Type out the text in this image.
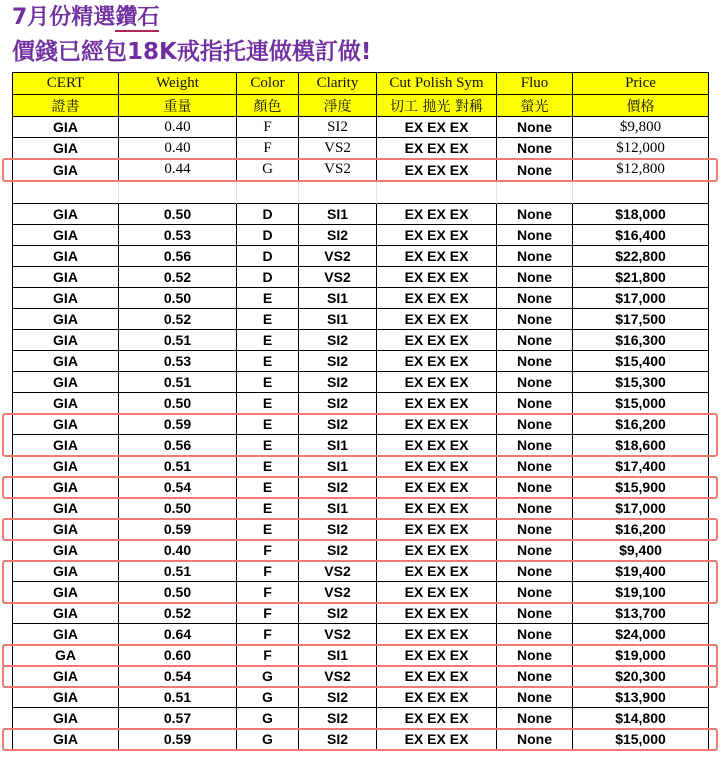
7月份精選鑽石
價錢已經包18K戒指托連做模訂做!
CERT	Weight	Color	Clarity	Cut Polish Sym	Fluo	Price
證書	重量	顏色	淨度	切工 拋光 對稱	螢光	價格
GIA	0.40	F	SI2	EX EX EX	None	$9,800
GIA	0.40	F	VS2	EX EX EX	None	$12,000
GIA	0.44	G	VS2	EX EX EX	None	$12,800
GIA	0.50	D	SI1	EX EX EX	None	$18,000
GIA	0.53	D	SI2	EX EX EX	None	$16,400
GIA	0.56	D	VS2	EX EX EX	None	$22,800
GIA	0.52	D	VS2	EX EX EX	None	$21,800
GIA	0.50	E	SI1	EX EX EX	None	$17,000
GIA	0.52	E	SI1	EX EX EX	None	$17,500
GIA	0.51	E	SI2	EX EX EX	None	$16,300
GIA	0.53	E	SI2	EX EX EX	None	$15,400
GIA	0.51	E	SI2	EX EX EX	None	$15,300
GIA	0.50	E	SI2	EX EX EX	None	$15,000
GIA	0.59	E	SI2	EX EX EX	None	$16,200
GIA	0.56	E	SI1	EX EX EX	None	$18,600
GIA	0.51	E	SI1	EX EX EX	None	$17,400
GIA	0.54	E	SI2	EX EX EX	None	$15,900
GIA	0.50	E	SI1	EX EX EX	None	$17,000
GIA	0.59	E	SI2	EX EX EX	None	$16,200
GIA	0.40	F	SI2	EX EX EX	None	$9,400
GIA	0.51	F	VS2	EX EX EX	None	$19,400
GIA	0.50	F	VS2	EX EX EX	None	$19,100
GIA	0.52	F	SI2	EX EX EX	None	$13,700
GIA	0.64	F	VS2	EX EX EX	None	$24,000
GA	0.60	F	SI1	EX EX EX	None	$19,000
GIA	0.54	G	VS2	EX EX EX	None	$20,300
GIA	0.51	G	SI2	EX EX EX	None	$13,900
GIA	0.57	G	SI2	EX EX EX	None	$14,800
GIA	0.59	G	SI2	EX EX EX	None	$15,000
